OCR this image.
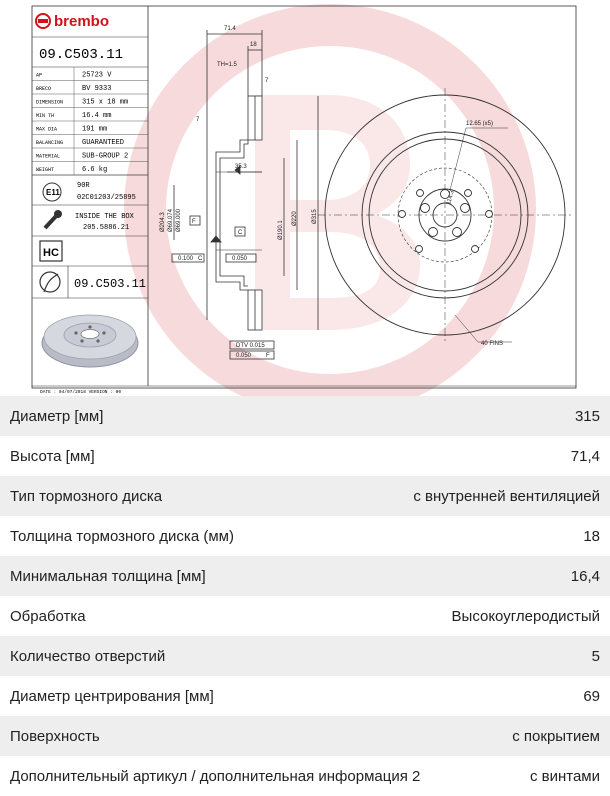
DATE : 04/07/2018 VERSION : 00
brembo
09.C503.11
AP	25723 V
BRECO	BV 9333
DIMENSION	315 x 18 mm
MIN TH	16.4 mm
MAX DIA	191 mm
BALANCING	GUARANTEED
MATERIAL	SUB-GROUP 2
WEIGHT	6.6 kg
E11
90R
02C01203/25895
INSIDE THE BOX
205.5886.21
HC
09.C503.11
71.4
18
TH=1.5
7
7
35.3
Ø204.3 Ø69.074 Ø69.000	Ø190.1
Ø220 Ø315
F
C
0.100 C	0.050
DTV 0.015
0.050 F
12.65 (x5)
114.3
40 FINS
Диаметр [мм]	315
Высота [мм]	71,4
Тип тормозного диска	с внутренней вентиляцией
Толщина тормозного диска (мм)	18
Минимальная толщина [мм]	16,4
Обработка	Высокоуглеродистый
Количество отверстий	5
Диаметр центрирования [мм]	69
Поверхность	с покрытием
Дополнительный артикул / дополнительная информация 2	с винтами
